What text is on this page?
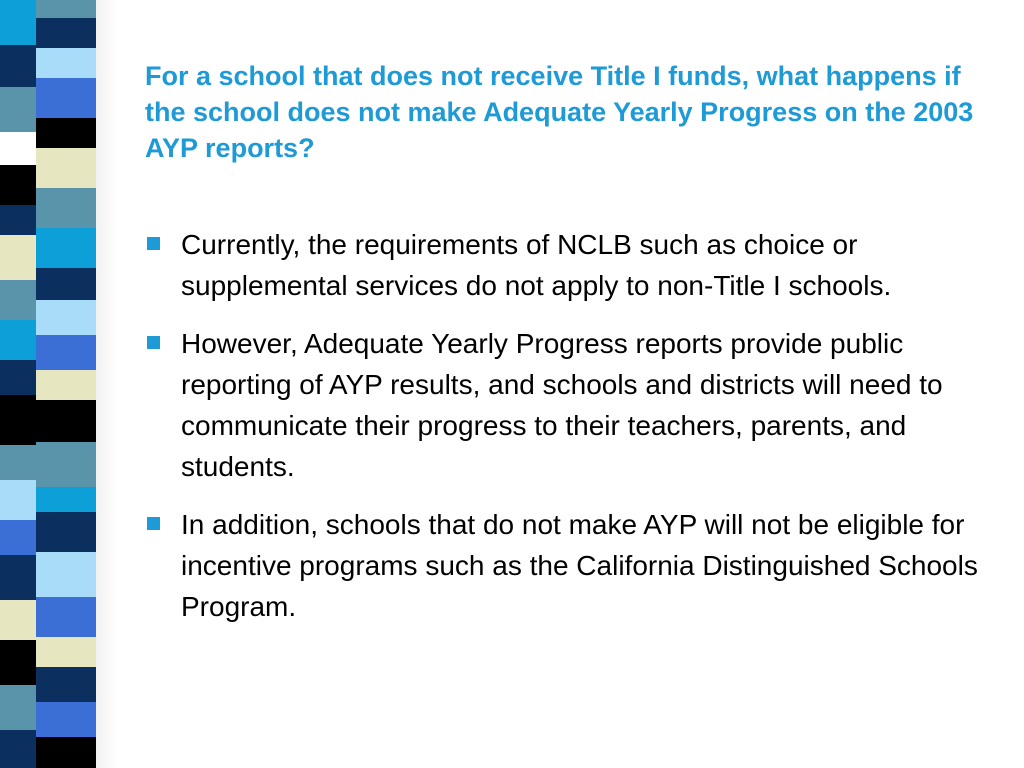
For a school that does not receive Title I funds, what happens if the school does not make Adequate Yearly Progress on the 2003 AYP reports?
Currently, the requirements of NCLB such as choice or supplemental services do not apply to non-Title I schools.
However, Adequate Yearly Progress reports provide public reporting of AYP results, and schools and districts will need to communicate their progress to their teachers, parents, and students.
In addition, schools that do not make AYP will not be eligible for incentive programs such as the California Distinguished Schools Program.
